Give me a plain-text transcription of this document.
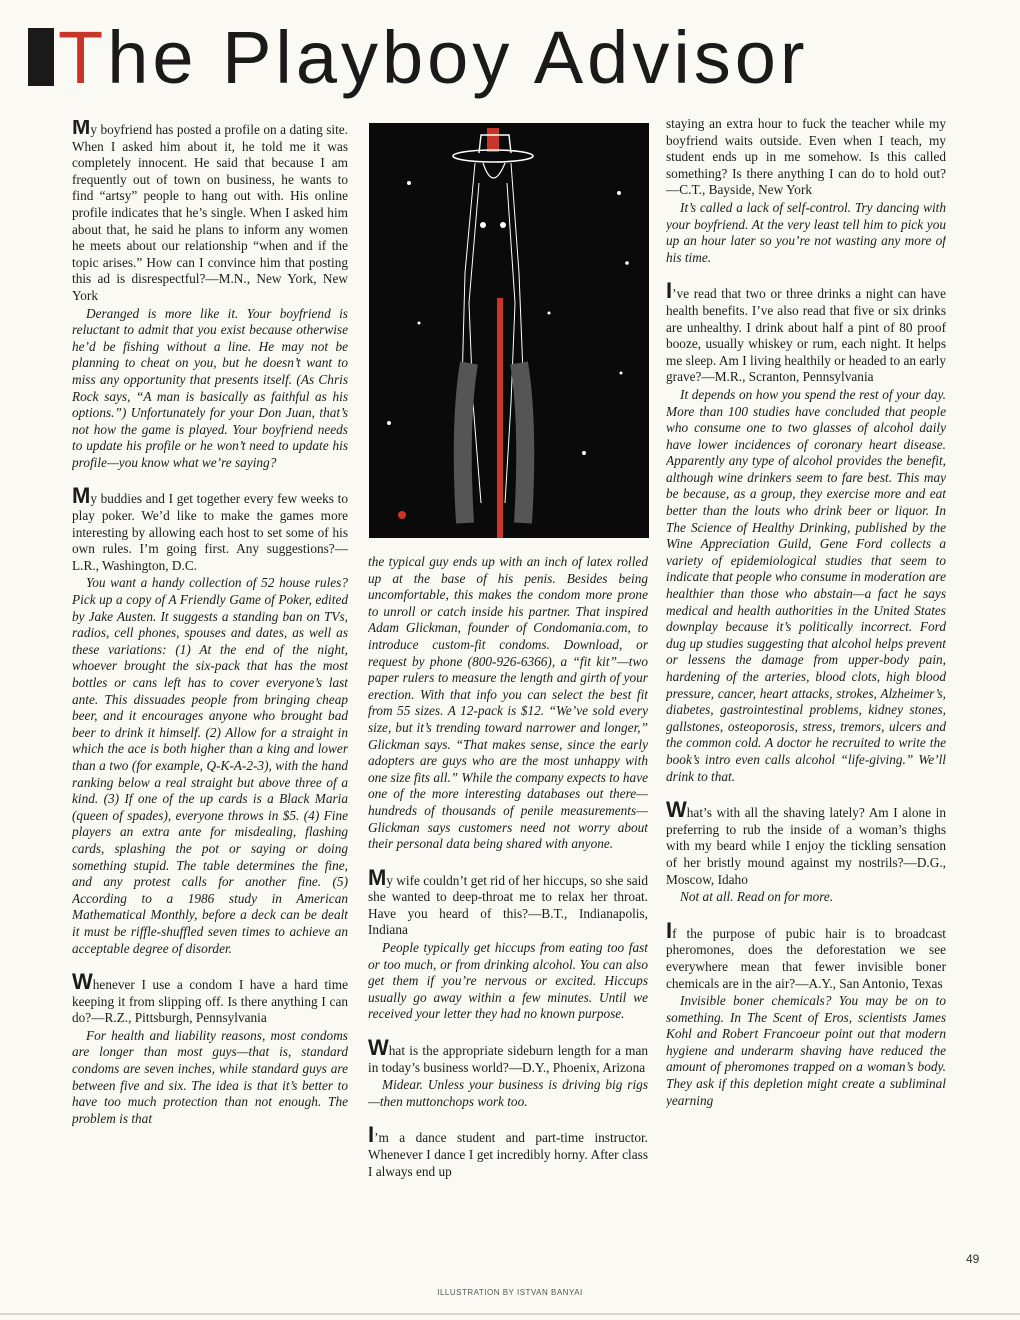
The Playboy Advisor

My boyfriend has posted a profile on a dating site. When I asked him about it, he told me it was completely innocent. He said that because I am frequently out of town on business, he wants to find “artsy” people to hang out with. His online profile indicates that he’s single. When I asked him about that, he said he plans to inform any women he meets about our relationship “when and if the topic arises.” How can I convince him that posting this ad is disrespectful?—M.N., New York, New York

Deranged is more like it. Your boyfriend is reluctant to admit that you exist because otherwise he’d be fishing without a line. He may not be planning to cheat on you, but he doesn’t want to miss any opportunity that presents itself. (As Chris Rock says, “A man is basically as faithful as his options.”) Unfortunately for your Don Juan, that’s not how the game is played. Your boyfriend needs to update his profile or he won’t need to update his profile—you know what we’re saying?

My buddies and I get together every few weeks to play poker. We’d like to make the games more interesting by allowing each host to set some of his own rules. I’m going first. Any suggestions?—L.R., Washington, D.C.

You want a handy collection of 52 house rules? Pick up a copy of A Friendly Game of Poker, edited by Jake Austen. It suggests a standing ban on TVs, radios, cell phones, spouses and dates, as well as these variations: (1) At the end of the night, whoever brought the six-pack that has the most bottles or cans left has to cover everyone’s last ante. This dissuades people from bringing cheap beer, and it encourages anyone who brought bad beer to drink it himself. (2) Allow for a straight in which the ace is both higher than a king and lower than a two (for example, Q-K-A-2-3), with the hand ranking below a real straight but above three of a kind. (3) If one of the up cards is a Black Maria (queen of spades), everyone throws in $5. (4) Fine players an extra ante for misdealing, flashing cards, splashing the pot or saying or doing something stupid. The table determines the fine, and any protest calls for another fine. (5) According to a 1986 study in American Mathematical Monthly, before a deck can be dealt it must be riffle-shuffled seven times to achieve an acceptable degree of disorder.

Whenever I use a condom I have a hard time keeping it from slipping off. Is there anything I can do?—R.Z., Pittsburgh, Pennsylvania

For health and liability reasons, most condoms are longer than most guys—that is, standard condoms are seven inches, while standard guys are between five and six. The idea is that it’s better to have too much protection than not enough. The problem is that

the typical guy ends up with an inch of latex rolled up at the base of his penis. Besides being uncomfortable, this makes the condom more prone to unroll or catch inside his partner. That inspired Adam Glickman, founder of Condomania.com, to introduce custom-fit condoms. Download, or request by phone (800-926-6366), a “fit kit”—two paper rulers to measure the length and girth of your erection. With that info you can select the best fit from 55 sizes. A 12-pack is $12. “We’ve sold every size, but it’s trending toward narrower and longer,” Glickman says. “That makes sense, since the early adopters are guys who are the most unhappy with one size fits all.” While the company expects to have one of the more interesting databases out there—hundreds of thousands of penile measurements—Glickman says customers need not worry about their personal data being shared with anyone.

My wife couldn’t get rid of her hiccups, so she said she wanted to deep-throat me to relax her throat. Have you heard of this?—B.T., Indianapolis, Indiana

People typically get hiccups from eating too fast or too much, or from drinking alcohol. You can also get them if you’re nervous or excited. Hiccups usually go away within a few minutes. Until we received your letter they had no known purpose.

What is the appropriate sideburn length for a man in today’s business world?—D.Y., Phoenix, Arizona

Midear. Unless your business is driving big rigs—then muttonchops work too.

I’m a dance student and part-time instructor. Whenever I dance I get incredibly horny. After class I always end up

staying an extra hour to fuck the teacher while my boyfriend waits outside. Even when I teach, my student ends up in me somehow. Is this called something? Is there anything I can do to hold out?—C.T., Bayside, New York

It’s called a lack of self-control. Try dancing with your boyfriend. At the very least tell him to pick you up an hour later so you’re not wasting any more of his time.

I’ve read that two or three drinks a night can have health benefits. I’ve also read that five or six drinks are unhealthy. I drink about half a pint of 80 proof booze, usually whiskey or rum, each night. It helps me sleep. Am I living healthily or headed to an early grave?—M.R., Scranton, Pennsylvania

It depends on how you spend the rest of your day. More than 100 studies have concluded that people who consume one to two glasses of alcohol daily have lower incidences of coronary heart disease. Apparently any type of alcohol provides the benefit, although wine drinkers seem to fare best. This may be because, as a group, they exercise more and eat better than the louts who drink beer or liquor. In The Science of Healthy Drinking, published by the Wine Appreciation Guild, Gene Ford collects a variety of epidemiological studies that seem to indicate that people who consume in moderation are healthier than those who abstain—a fact he says medical and health authorities in the United States downplay because it’s politically incorrect. Ford dug up studies suggesting that alcohol helps prevent or lessens the damage from upper-body pain, hardening of the arteries, blood clots, high blood pressure, cancer, heart attacks, strokes, Alzheimer’s, diabetes, gastrointestinal problems, kidney stones, gallstones, osteoporosis, stress, tremors, ulcers and the common cold. A doctor he recruited to write the book’s intro even calls alcohol “life-giving.” We’ll drink to that.

What’s with all the shaving lately? Am I alone in preferring to rub the inside of a woman’s thighs with my beard while I enjoy the tickling sensation of her bristly mound against my nostrils?—D.G., Moscow, Idaho

Not at all. Read on for more.

If the purpose of pubic hair is to broadcast pheromones, does the deforestation we see everywhere mean that fewer invisible boner chemicals are in the air?—A.Y., San Antonio, Texas

Invisible boner chemicals? You may be on to something. In The Scent of Eros, scientists James Kohl and Robert Francoeur point out that modern hygiene and underarm shaving have reduced the amount of pheromones trapped on a woman’s body. They ask if this depletion might create a subliminal yearning

49
ILLUSTRATION BY ISTVAN BANYAI
